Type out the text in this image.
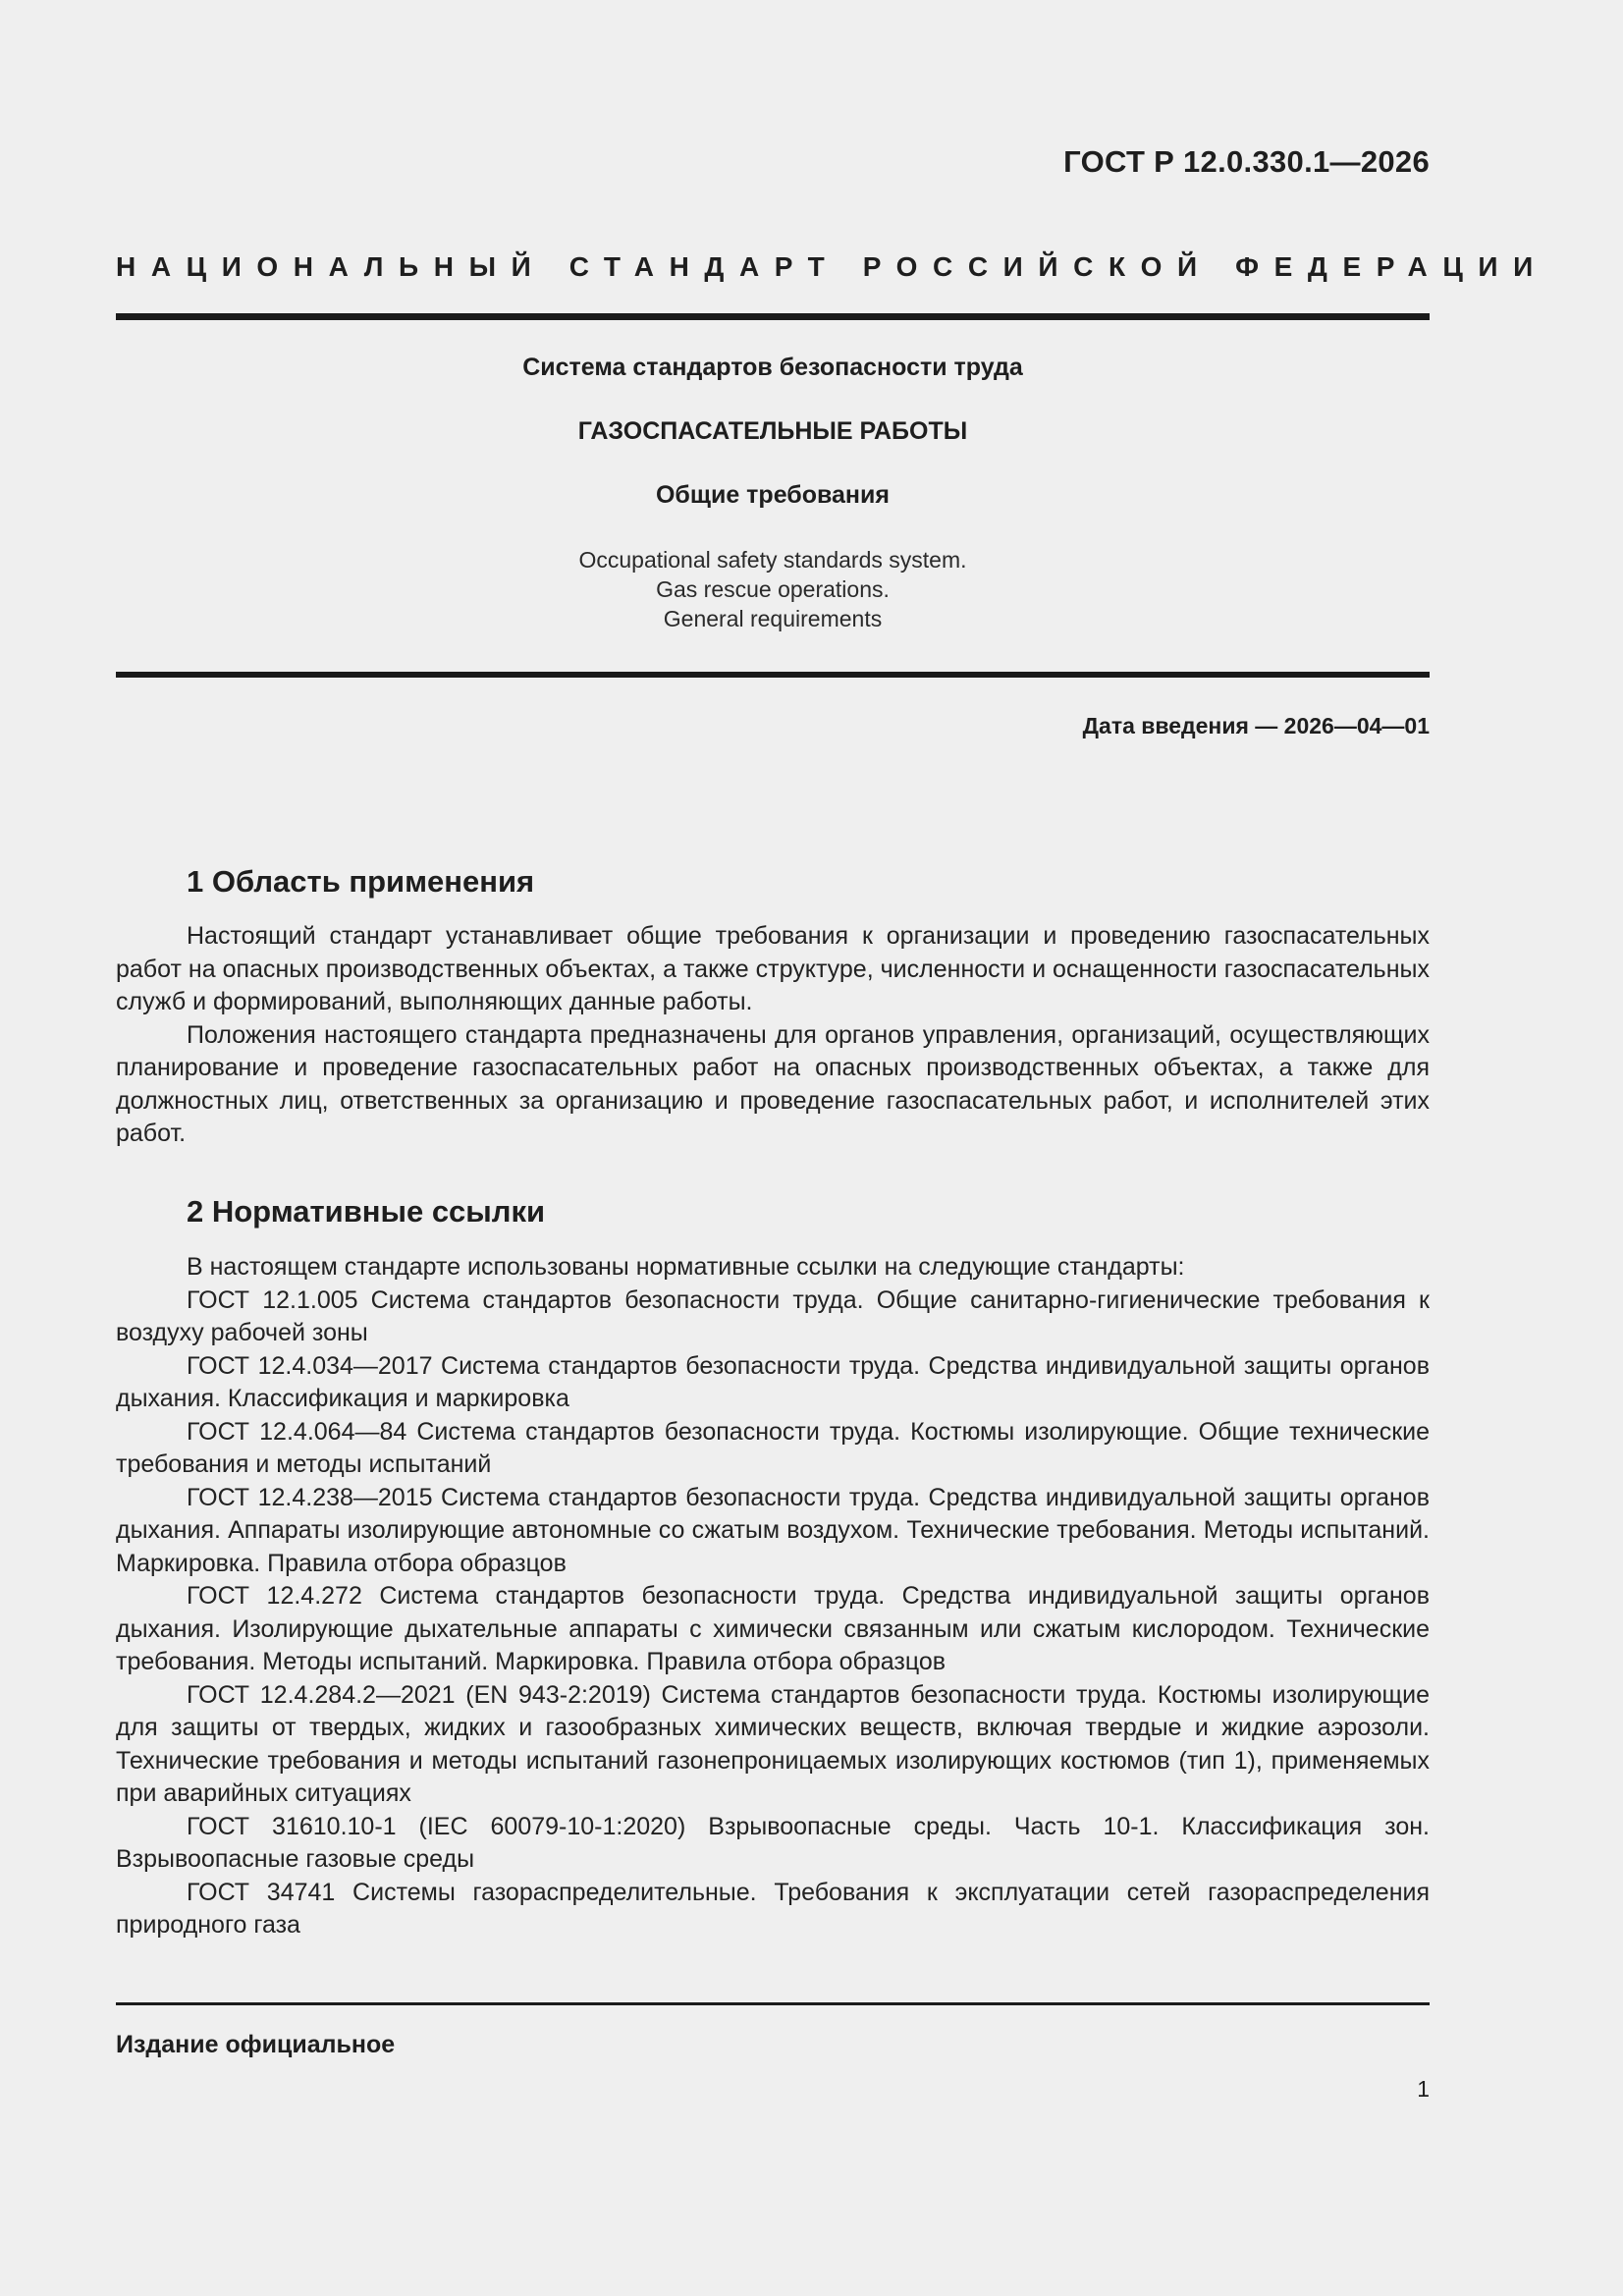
ГОСТ Р 12.0.330.1—2026
НАЦИОНАЛЬНЫЙ СТАНДАРТ РОССИЙСКОЙ ФЕДЕРАЦИИ
Система стандартов безопасности труда
ГАЗОСПАСАТЕЛЬНЫЕ РАБОТЫ
Общие требования
Occupational safety standards system.
Gas rescue operations.
General requirements
Дата введения — 2026—04—01
1 Область применения

Настоящий стандарт устанавливает общие требования к организации и проведению газоспасательных работ на опасных производственных объектах, а также структуре, численности и оснащенности газоспасательных служб и формирований, выполняющих данные работы.

Положения настоящего стандарта предназначены для органов управления, организаций, осуществляющих планирование и проведение газоспасательных работ на опасных производственных объектах, а также для должностных лиц, ответственных за организацию и проведение газоспасательных работ, и исполнителей этих работ.

2 Нормативные ссылки

В настоящем стандарте использованы нормативные ссылки на следующие стандарты:

ГОСТ 12.1.005 Система стандартов безопасности труда. Общие санитарно-гигиенические требования к воздуху рабочей зоны

ГОСТ 12.4.034—2017 Система стандартов безопасности труда. Средства индивидуальной защиты органов дыхания. Классификация и маркировка

ГОСТ 12.4.064—84 Система стандартов безопасности труда. Костюмы изолирующие. Общие технические требования и методы испытаний

ГОСТ 12.4.238—2015 Система стандартов безопасности труда. Средства индивидуальной защиты органов дыхания. Аппараты изолирующие автономные со сжатым воздухом. Технические требования. Методы испытаний. Маркировка. Правила отбора образцов

ГОСТ 12.4.272 Система стандартов безопасности труда. Средства индивидуальной защиты органов дыхания. Изолирующие дыхательные аппараты с химически связанным или сжатым кислородом. Технические требования. Методы испытаний. Маркировка. Правила отбора образцов

ГОСТ 12.4.284.2—2021 (EN 943-2:2019) Система стандартов безопасности труда. Костюмы изолирующие для защиты от твердых, жидких и газообразных химических веществ, включая твердые и жидкие аэрозоли. Технические требования и методы испытаний газонепроницаемых изолирующих костюмов (тип 1), применяемых при аварийных ситуациях

ГОСТ 31610.10-1 (IEC 60079-10-1:2020) Взрывоопасные среды. Часть 10-1. Классификация зон. Взрывоопасные газовые среды

ГОСТ 34741 Системы газораспределительные. Требования к эксплуатации сетей газораспределения природного газа

Издание официальное
1
